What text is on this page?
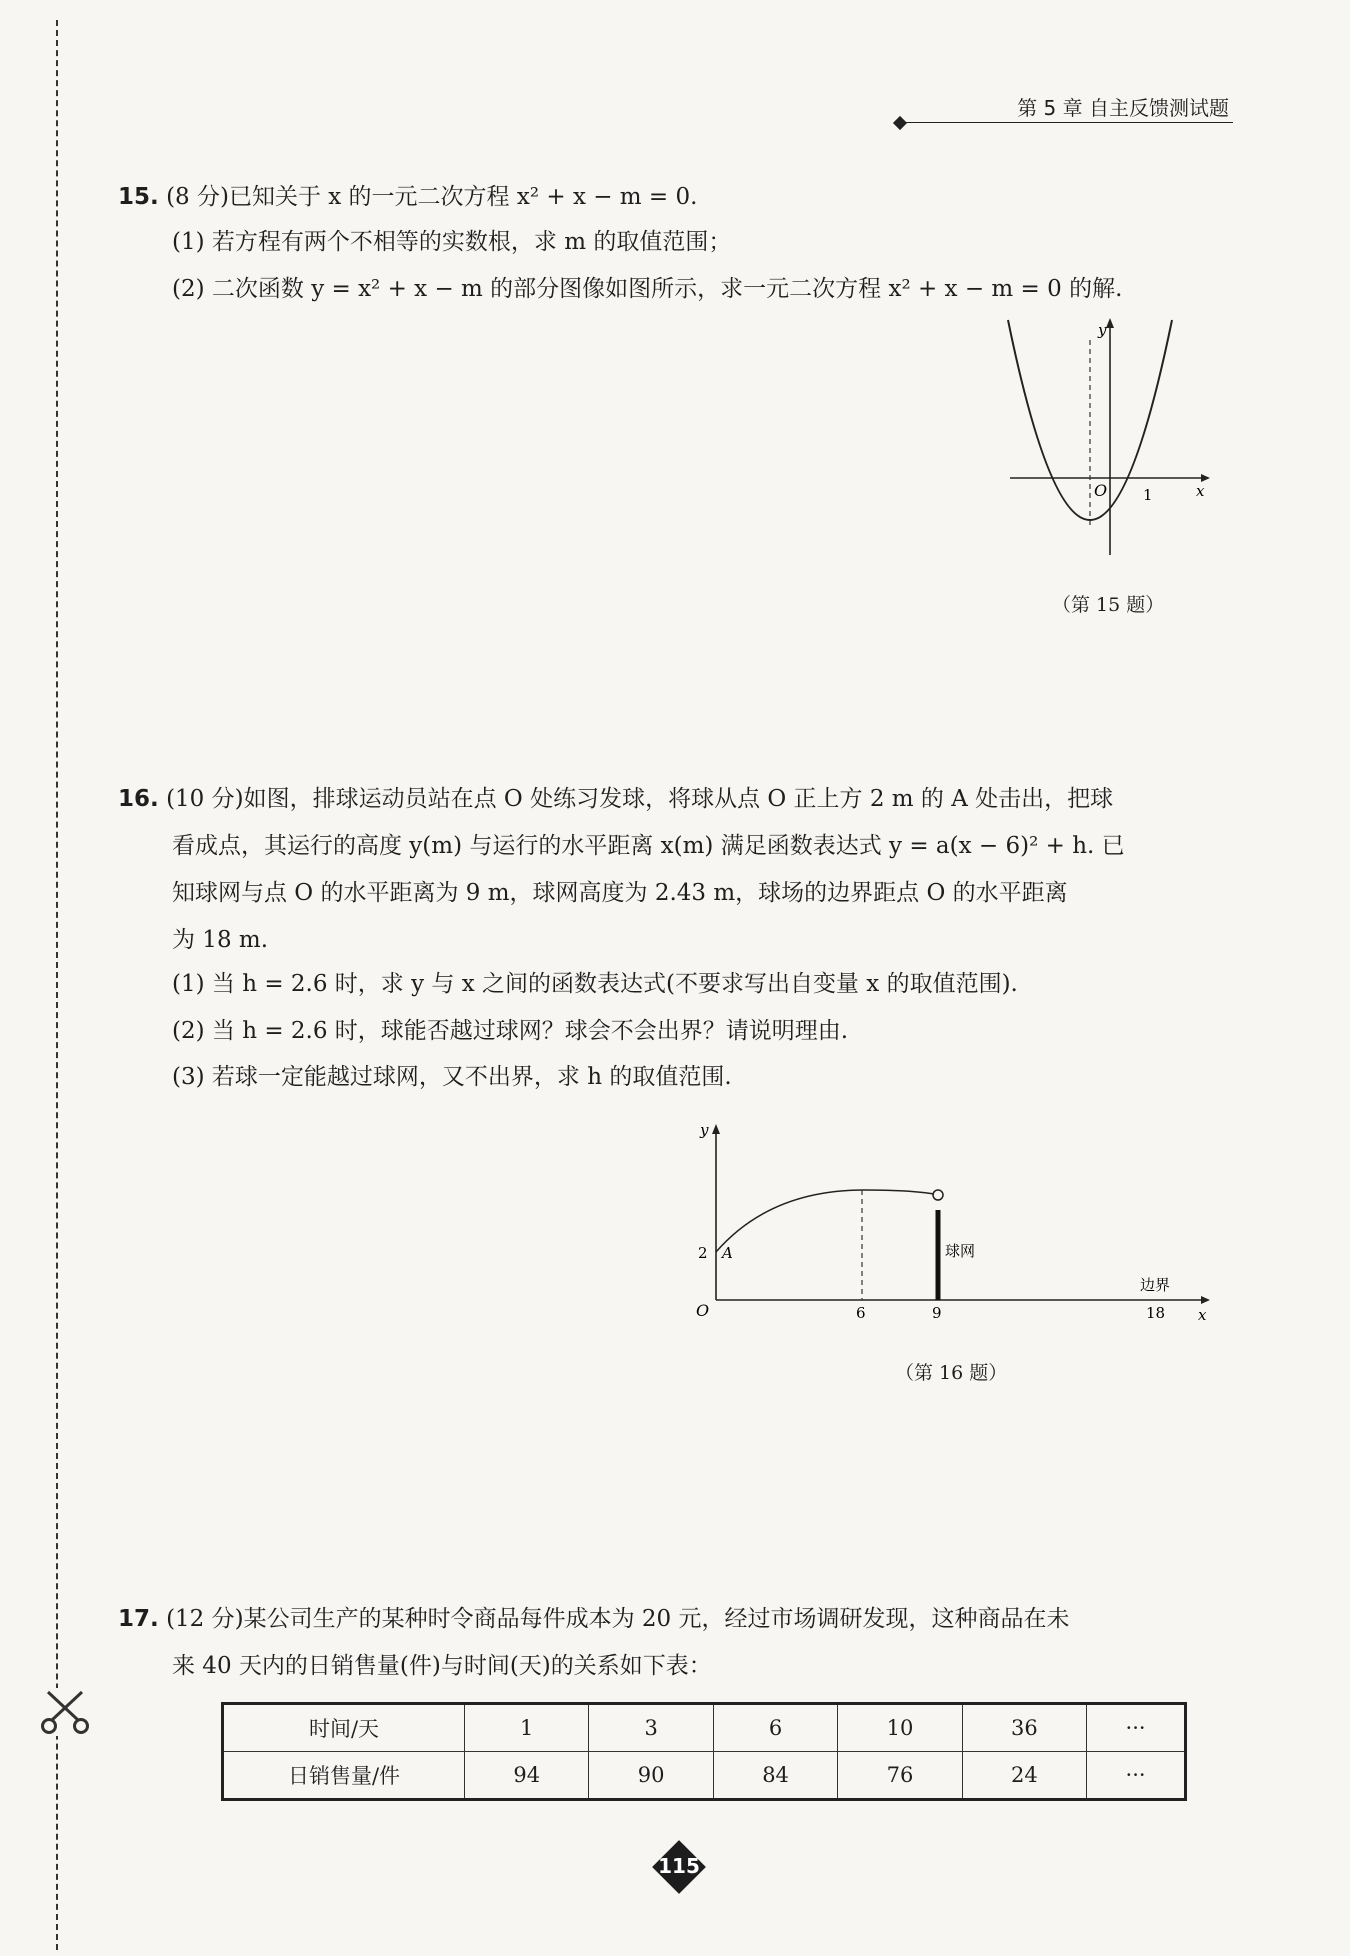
第 5 章 自主反馈测试题
15. (8 分)已知关于 x 的一元二次方程 x² + x − m = 0.
(1) 若方程有两个不相等的实数根，求 m 的取值范围；
(2) 二次函数 y = x² + x − m 的部分图像如图所示，求一元二次方程 x² + x − m = 0 的解.
y
x
O 1
（第 15 题）
16. (10 分)如图，排球运动员站在点 O 处练习发球，将球从点 O 正上方 2 m 的 A 处击出，把球
看成点，其运行的高度 y(m) 与运行的水平距离 x(m) 满足函数表达式 y = a(x − 6)² + h. 已
知球网与点 O 的水平距离为 9 m，球网高度为 2.43 m，球场的边界距点 O 的水平距离
为 18 m.
(1) 当 h = 2.6 时，求 y 与 x 之间的函数表达式(不要求写出自变量 x 的取值范围).
(2) 当 h = 2.6 时，球能否越过球网？球会不会出界？请说明理由.
(3) 若球一定能越过球网，又不出界，求 h 的取值范围.
y
x
O
2 A
6	9	18
球网
边界
（第 16 题）
17. (12 分)某公司生产的某种时令商品每件成本为 20 元，经过市场调研发现，这种商品在未
来 40 天内的日销售量(件)与时间(天)的关系如下表：
时间/天	1	3	6	10	36	···
日销售量/件	94	90	84	76	24	···
115
